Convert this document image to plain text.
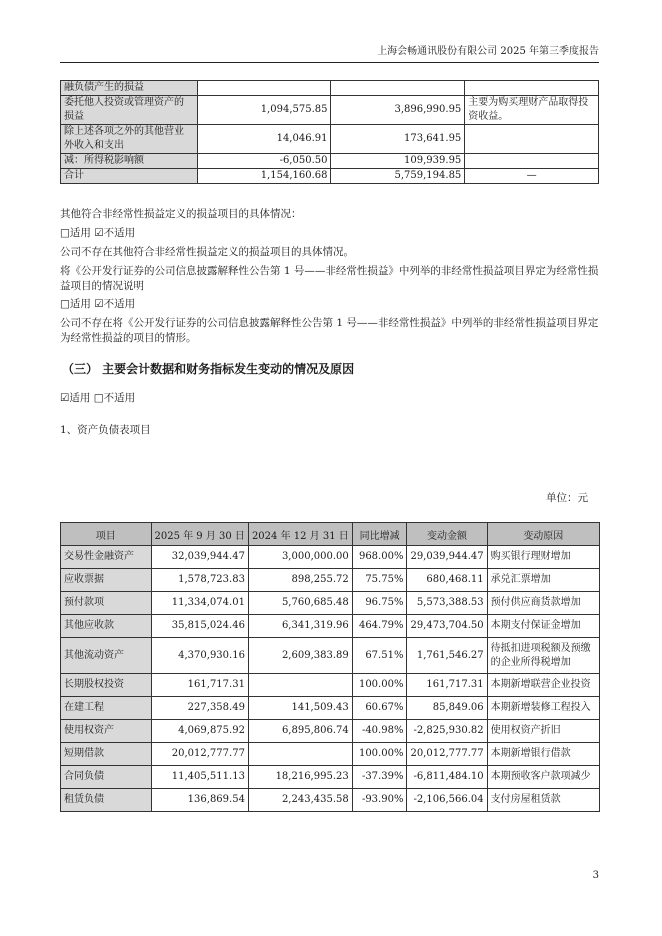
上海会畅通讯股份有限公司 2025 年第三季度报告
融负债产生的损益			
委托他人投资或管理资产的损益	1,094,575.85	3,896,990.95	主要为购买理财产品取得投资收益。
除上述各项之外的其他营业外收入和支出	14,046.91	173,641.95	
减：所得税影响额	-6,050.50	109,939.95	
合计	1,154,160.68	5,759,194.85	—
其他符合非经常性损益定义的损益项目的具体情况：
□适用 ☑不适用
公司不存在其他符合非经常性损益定义的损益项目的具体情况。
将《公开发行证券的公司信息披露解释性公告第 1 号——非经常性损益》中列举的非经常性损益项目界定为经常性损益项目的情况说明
□适用 ☑不适用
公司不存在将《公开发行证券的公司信息披露解释性公告第 1 号——非经常性损益》中列举的非经常性损益项目界定为经常性损益的项目的情形。
（三） 主要会计数据和财务指标发生变动的情况及原因
☑适用 □不适用
1、资产负债表项目
单位：元
项目	2025 年 9 月 30 日	2024 年 12 月 31 日	同比增减	变动金额	变动原因
交易性金融资产	32,039,944.47	3,000,000.00	968.00%	29,039,944.47	购买银行理财增加
应收票据	1,578,723.83	898,255.72	75.75%	680,468.11	承兑汇票增加
预付款项	11,334,074.01	5,760,685.48	96.75%	5,573,388.53	预付供应商货款增加
其他应收款	35,815,024.46	6,341,319.96	464.79%	29,473,704.50	本期支付保证金增加
其他流动资产	4,370,930.16	2,609,383.89	67.51%	1,761,546.27	待抵扣进项税额及预缴的企业所得税增加
长期股权投资	161,717.31		100.00%	161,717.31	本期新增联营企业投资
在建工程	227,358.49	141,509.43	60.67%	85,849.06	本期新增装修工程投入
使用权资产	4,069,875.92	6,895,806.74	-40.98%	-2,825,930.82	使用权资产折旧
短期借款	20,012,777.77		100.00%	20,012,777.77	本期新增银行借款
合同负债	11,405,511.13	18,216,995.23	-37.39%	-6,811,484.10	本期预收客户款项减少
租赁负债	136,869.54	2,243,435.58	-93.90%	-2,106,566.04	支付房屋租赁款
3
